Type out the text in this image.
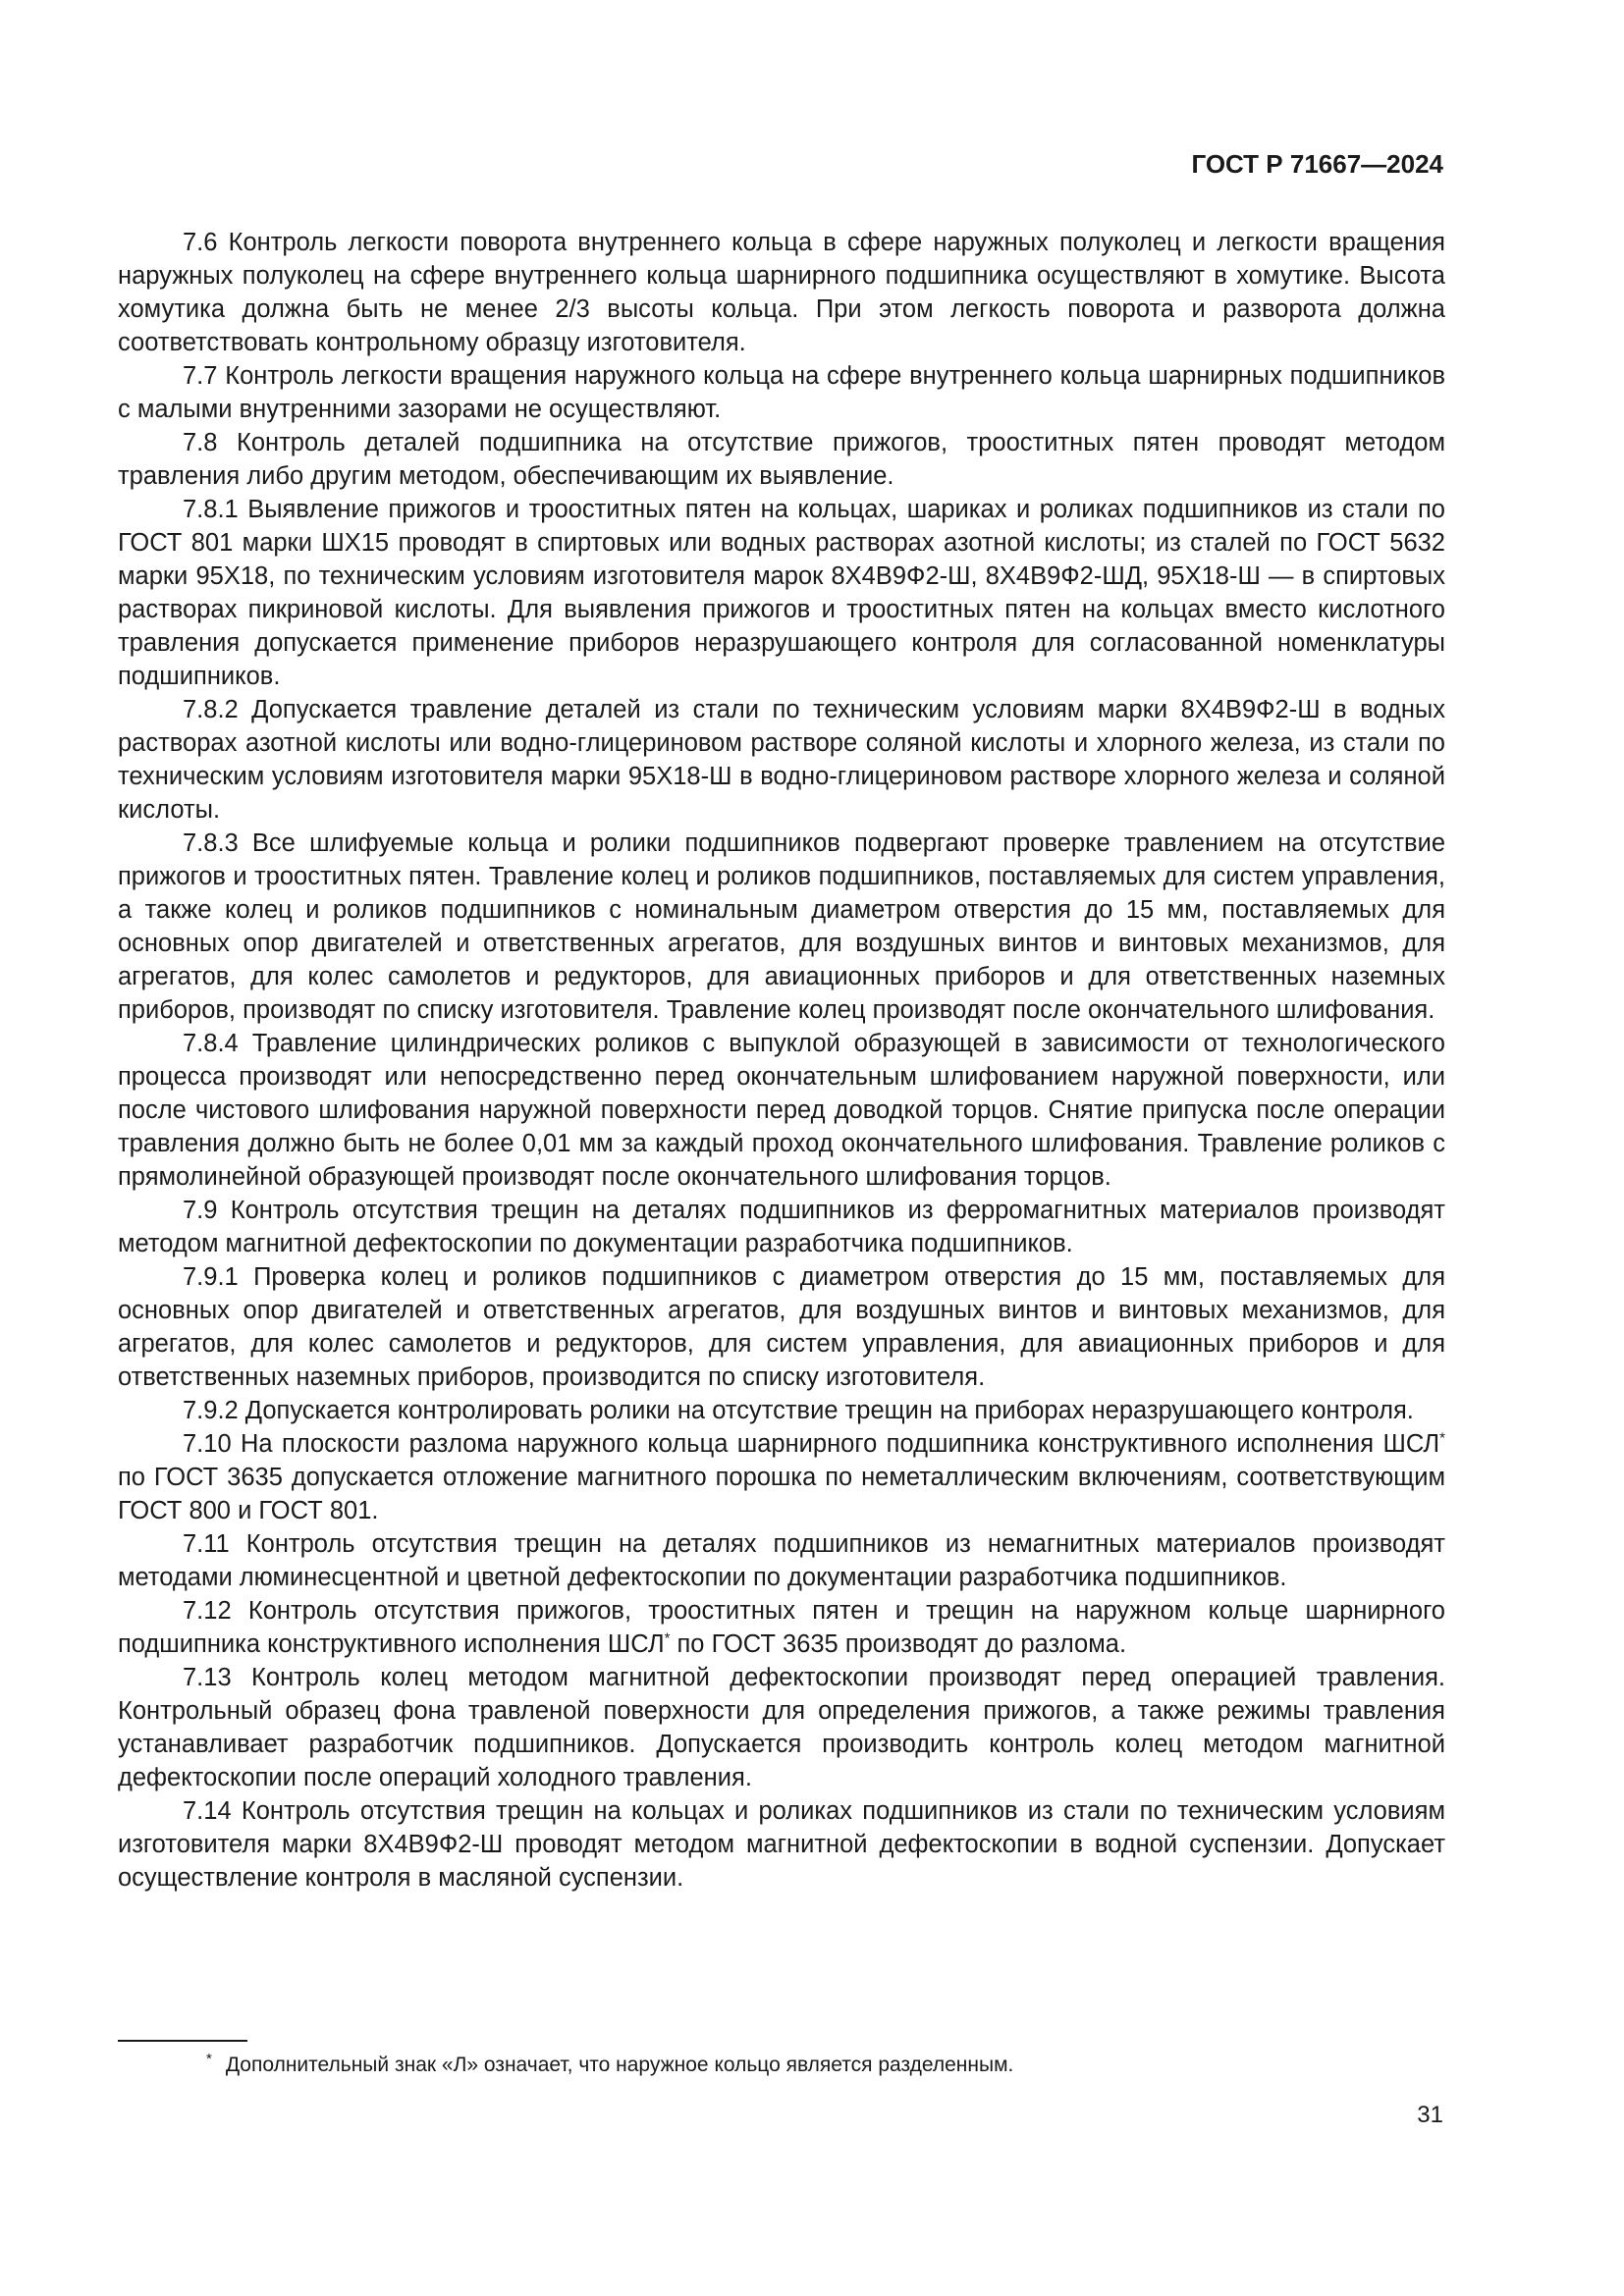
ГОСТ Р 71667—2024

7.6 Контроль легкости поворота внутреннего кольца в сфере наружных полуколец и легкости вращения наружных полуколец на сфере внутреннего кольца шарнирного подшипника осуществляют в хомутике. Высота хомутика должна быть не менее 2/3 высоты кольца. При этом легкость поворота и разворота должна соответствовать контрольному образцу изготовителя.

7.7 Контроль легкости вращения наружного кольца на сфере внутреннего кольца шарнирных подшипников с малыми внутренними зазорами не осуществляют.

7.8 Контроль деталей подшипника на отсутствие прижогов, трооститных пятен проводят методом травления либо другим методом, обеспечивающим их выявление.

7.8.1 Выявление прижогов и трооститных пятен на кольцах, шариках и роликах подшипников из стали по ГОСТ 801 марки ШХ15 проводят в спиртовых или водных растворах азотной кислоты; из сталей по ГОСТ 5632 марки 95Х18, по техническим условиям изготовителя марок 8Х4В9Ф2-Ш, 8Х4В9Ф2-ШД, 95Х18-Ш — в спиртовых растворах пикриновой кислоты. Для выявления прижогов и трооститных пятен на кольцах вместо кислотного травления допускается применение приборов неразрушающего контроля для согласованной номенклатуры подшипников.

7.8.2 Допускается травление деталей из стали по техническим условиям марки 8Х4В9Ф2-Ш в водных растворах азотной кислоты или водно-глицериновом растворе соляной кислоты и хлорного железа, из стали по техническим условиям изготовителя марки 95Х18-Ш в водно-глицериновом растворе хлорного железа и соляной кислоты.

7.8.3 Все шлифуемые кольца и ролики подшипников подвергают проверке травлением на отсутствие прижогов и трооститных пятен. Травление колец и роликов подшипников, поставляемых для систем управления, а также колец и роликов подшипников с номинальным диаметром отверстия до 15 мм, поставляемых для основных опор двигателей и ответственных агрегатов, для воздушных винтов и винтовых механизмов, для агрегатов, для колес самолетов и редукторов, для авиационных приборов и для ответственных наземных приборов, производят по списку изготовителя. Травление колец производят после окончательного шлифования.

7.8.4 Травление цилиндрических роликов с выпуклой образующей в зависимости от технологического процесса производят или непосредственно перед окончательным шлифованием наружной поверхности, или после чистового шлифования наружной поверхности перед доводкой торцов. Снятие припуска после операции травления должно быть не более 0,01 мм за каждый проход окончательного шлифования. Травление роликов с прямолинейной образующей производят после окончательного шлифования торцов.

7.9 Контроль отсутствия трещин на деталях подшипников из ферромагнитных материалов производят методом магнитной дефектоскопии по документации разработчика подшипников.

7.9.1 Проверка колец и роликов подшипников с диаметром отверстия до 15 мм, поставляемых для основных опор двигателей и ответственных агрегатов, для воздушных винтов и винтовых механизмов, для агрегатов, для колес самолетов и редукторов, для систем управления, для авиационных приборов и для ответственных наземных приборов, производится по списку изготовителя.

7.9.2 Допускается контролировать ролики на отсутствие трещин на приборах неразрушающего контроля.

7.10 На плоскости разлома наружного кольца шарнирного подшипника конструктивного исполнения ШСЛ* по ГОСТ 3635 допускается отложение магнитного порошка по неметаллическим включениям, соответствующим ГОСТ 800 и ГОСТ 801.

7.11 Контроль отсутствия трещин на деталях подшипников из немагнитных материалов производят методами люминесцентной и цветной дефектоскопии по документации разработчика подшипников.

7.12 Контроль отсутствия прижогов, трооститных пятен и трещин на наружном кольце шарнирного подшипника конструктивного исполнения ШСЛ* по ГОСТ 3635 производят до разлома.

7.13 Контроль колец методом магнитной дефектоскопии производят перед операцией травления. Контрольный образец фона травленой поверхности для определения прижогов, а также режимы травления устанавливает разработчик подшипников. Допускается производить контроль колец методом магнитной дефектоскопии после операций холодного травления.

7.14 Контроль отсутствия трещин на кольцах и роликах подшипников из стали по техническим условиям изготовителя марки 8Х4В9Ф2-Ш проводят методом магнитной дефектоскопии в водной суспензии. Допускает осуществление контроля в масляной суспензии.

* Дополнительный знак «Л» означает, что наружное кольцо является разделенным.
31
